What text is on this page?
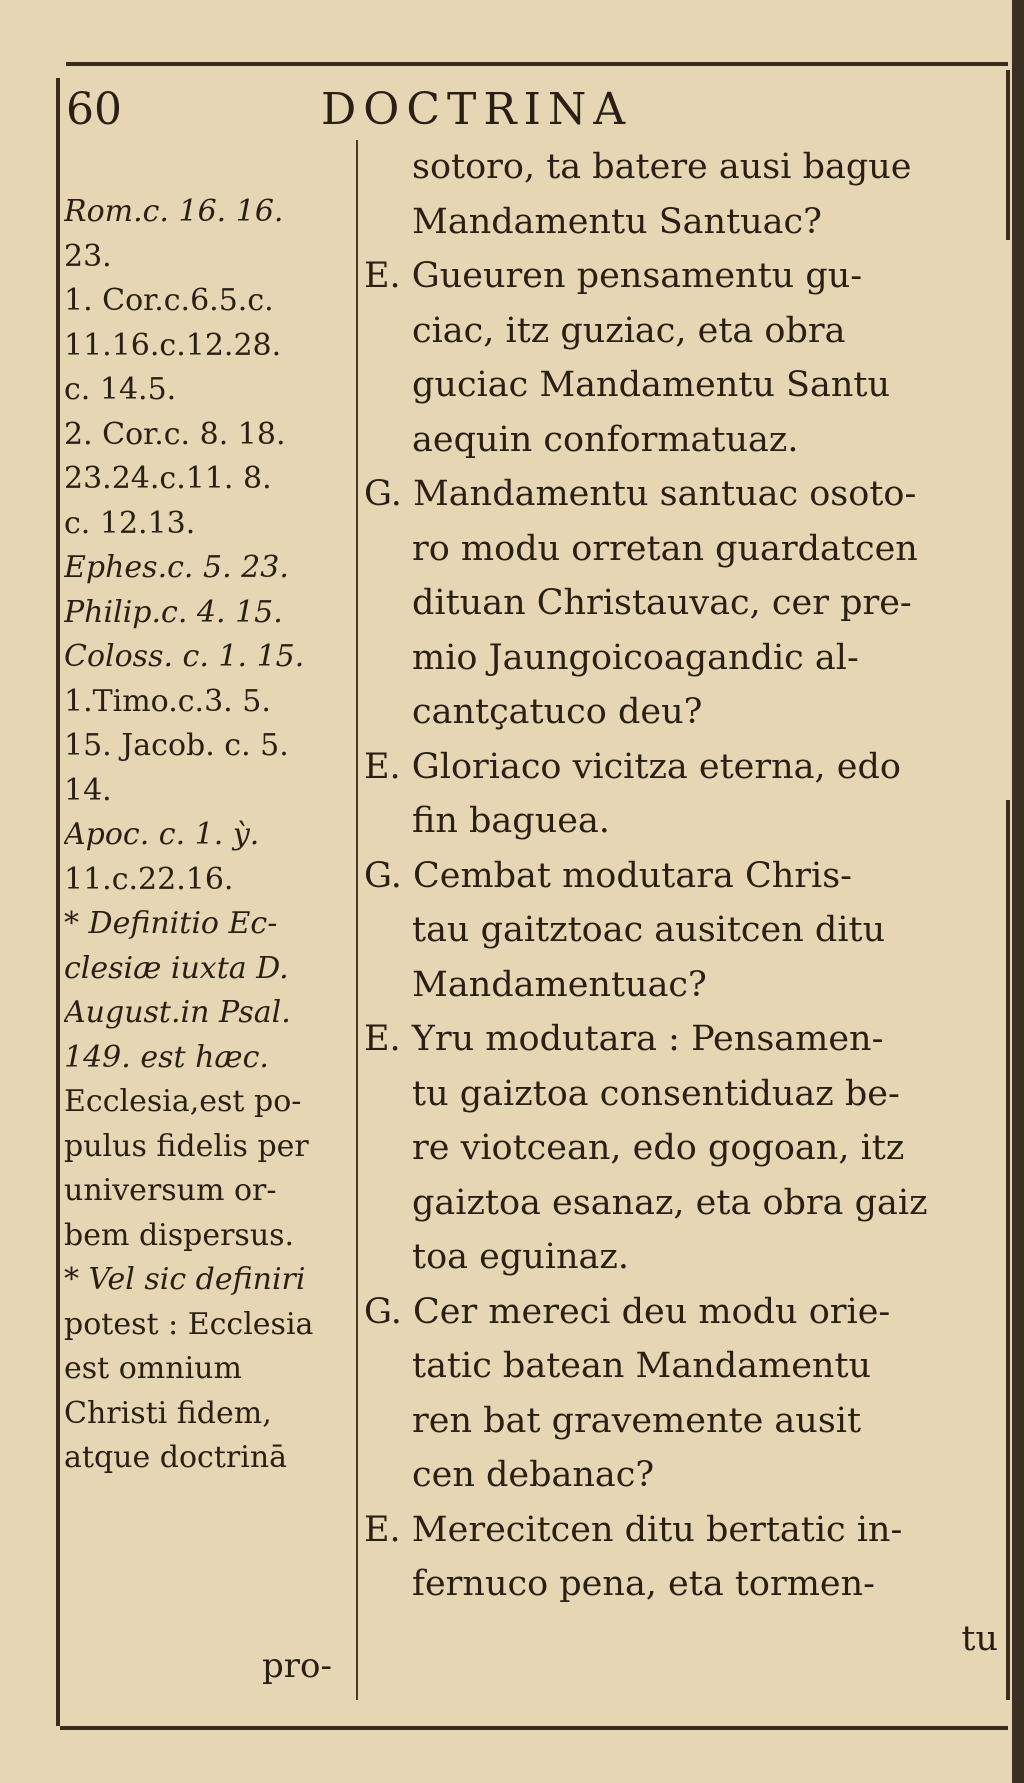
60	DOCTRINA
Rom.c. 16. 16.
23.
1. Cor.c.6.5.c.
11.16.c.12.28.
c. 14.5.
2. Cor.c. 8. 18.
23.24.c.11. 8.
c. 12.13.
Ephes.c. 5. 23.
Philip.c. 4. 15.
Coloss. c. 1. 15.
1.Timo.c.3. 5.
15. Jacob. c. 5.
14.
Apoc. c. 1. ỳ.
11.c.22.16.
* Definitio Ec-
clesiæ iuxta D.
August.in Psal.
149. est hæc.
Ecclesia,est po-
pulus fidelis per
universum or-
bem dispersus.
* Vel sic definiri
potest : Ecclesia
est omnium
Christi fidem,
atque doctrinā
sotoro, ta batere ausi bague
Mandamentu Santuac?
E. Gueuren pensamentu gu-
ciac, itz guziac, eta obra
guciac Mandamentu Santu
aequin conformatuaz.
G. Mandamentu santuac osoto-
ro modu orretan guardatcen
dituan Christauvac, cer pre-
mio Jaungoicoagandic al-
cantçatuco deu?
E. Gloriaco vicitza eterna, edo
fin baguea.
G. Cembat modutara Chris-
tau gaitztoac ausitcen ditu
Mandamentuac?
E. Yru modutara : Pensamen-
tu gaiztoa consentiduaz be-
re viotcean, edo gogoan, itz
gaiztoa esanaz, eta obra gaiz
toa eguinaz.
G. Cer mereci deu modu orie-
tatic batean Mandamentu
ren bat gravemente ausit
cen debanac?
E. Merecitcen ditu bertatic in-
fernuco pena, eta tormen-
tu
pro-
